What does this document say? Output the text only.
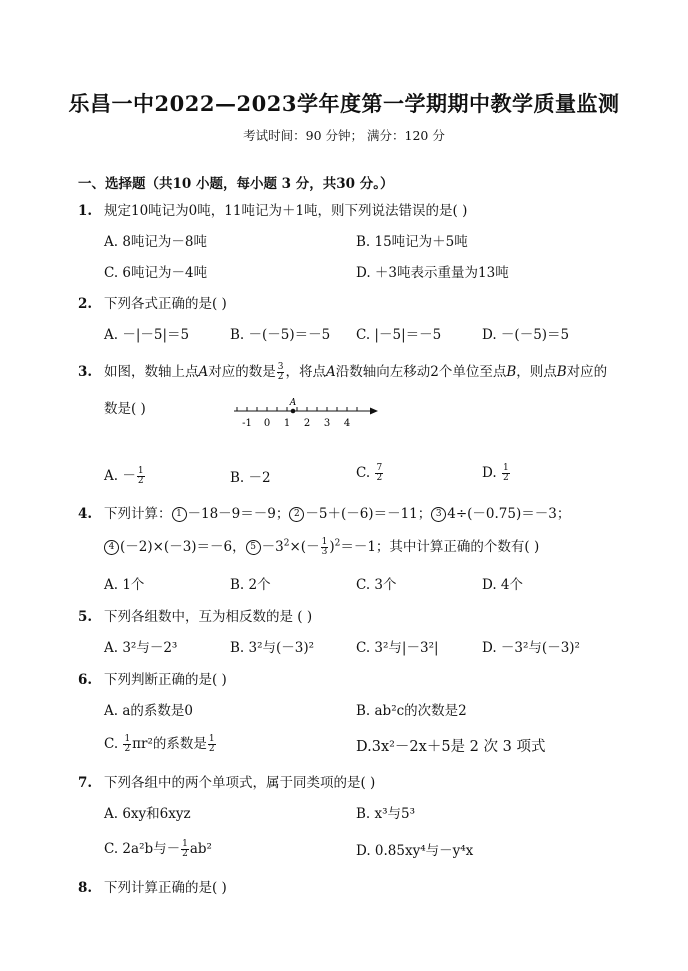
乐昌一中2022—2023学年度第一学期期中教学质量监测
考试时间：90 分钟； 满分：120 分
一、选择题（共10 小题，每小题 3 分，共30 分。）
1. 规定10吨记为0吨，11吨记为＋1吨，则下列说法错误的是( )
A. 8吨记为－8吨	B. 15吨记为＋5吨
C. 6吨记为－4吨	D. ＋3吨表示重量为13吨
2. 下列各式正确的是( )
A. －|－5|＝5	B. －(－5)＝－5 C. |－5|＝－5	D. －(－5)＝5
3. 如图，数轴上点A对应的数是 $\frac{3}{2}$ ，将点A沿数轴向左移动2个单位至点B，则点B对应的
数是( )	A
-1 0 1 2 3 4
A. － $\frac{1}{2}$	B. －2	C. $\frac{7}{2}$	D. $\frac{1}{2}$
4. 下列计算： 1 －18－9＝－9； 2 －5＋(－6)＝－11； 3 4÷(－0.75)＝－3；
4 (－2)×(－3)＝－6， $5 -3^2\times(- \frac{1}{3} )^2=-1$；其中计算正确的个数有( )
A. 1个	B. 2个	C. 3个	D. 4个
5. 下列各组数中，互为相反数的是 ( )
A. 3²与－2³	B. 3²与(－3)²	C. 3²与|－3²|	D. －3²与(－3)²
6. 下列判断正确的是( )
A. a的系数是0	B. ab²c的次数是2
C. $\frac{1}{2} \pi r^2$的系数是 $\frac{1}{2}$	D.3x²－2x＋5是 2 次 3 项式
7. 下列各组中的两个单项式，属于同类项的是( )
A. 6xy和6xyz	B. x³与5³
C. 2a²b与－ $\frac{1}{2} ab^2$	D. 0.85xy⁴与－y⁴x
8. 下列计算正确的是( )
